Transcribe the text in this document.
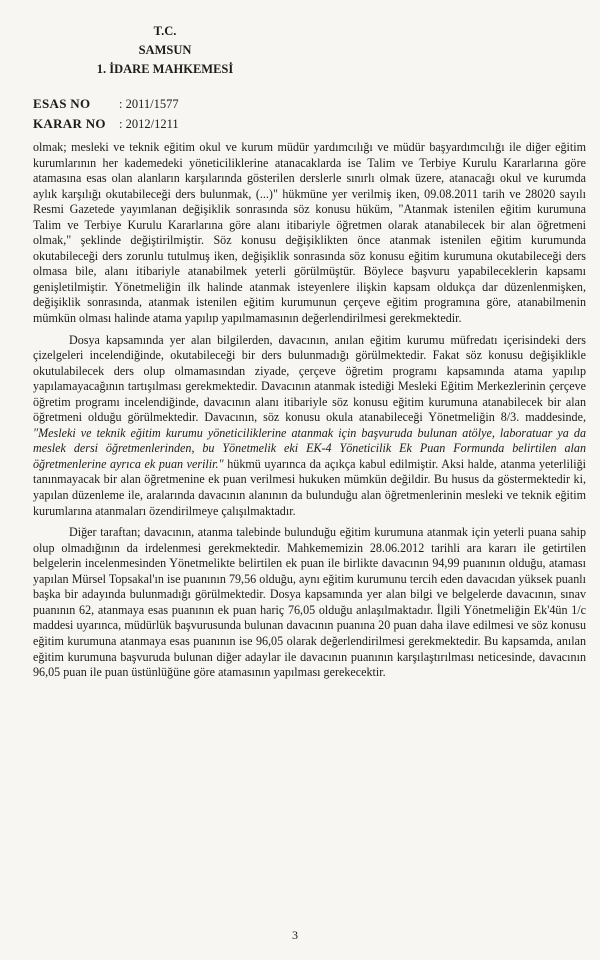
T.C.
SAMSUN
1. İDARE MAHKEMESİ
ESAS NO : 2011/1577
KARAR NO : 2012/1211

olmak; mesleki ve teknik eğitim okul ve kurum müdür yardımcılığı ve müdür başyardımcılığı ile diğer eğitim kurumlarının her kademedeki yöneticiliklerine atanacaklarda ise Talim ve Terbiye Kurulu Kararlarına göre atamasına esas olan alanların karşılarında gösterilen derslerle sınırlı olmak üzere, atanacağı okul ve kurumda aylık karşılığı okutabileceği ders bulunmak, (...)" hükmüne yer verilmiş iken, 09.08.2011 tarih ve 28020 sayılı Resmi Gazetede yayımlanan değişiklik sonrasında söz konusu hüküm, "Atanmak istenilen eğitim kurumuna Talim ve Terbiye Kurulu Kararlarına göre alanı itibariyle öğretmen olarak atanabilecek bir alan öğretmeni olmak," şeklinde değiştirilmiştir. Söz konusu değişiklikten önce atanmak istenilen eğitim kurumunda okutabileceği ders zorunlu tutulmuş iken, değişiklik sonrasında söz konusu eğitim kurumuna okutabileceği ders olmasa bile, alanı itibariyle atanabilmek yeterli görülmüştür. Böylece başvuru yapabileceklerin kapsamı genişletilmiştir. Yönetmeliğin ilk halinde atanmak isteyenlere ilişkin kapsam oldukça dar düzenlenmişken, değişiklik sonrasında, atanmak istenilen eğitim kurumunun çerçeve eğitim programına göre, atanabilmenin mümkün olması halinde atama yapılıp yapılmamasının değerlendirilmesi gerekmektedir.

Dosya kapsamında yer alan bilgilerden, davacının, anılan eğitim kurumu müfredatı içerisindeki ders çizelgeleri incelendiğinde, okutabileceği bir ders bulunmadığı görülmektedir. Fakat söz konusu değişiklikle okutulabilecek ders olup olmamasından ziyade, çerçeve öğretim programı kapsamında atama yapılıp yapılamayacağının tartışılması gerekmektedir. Davacının atanmak istediği Mesleki Eğitim Merkezlerinin çerçeve öğretim programı incelendiğinde, davacının alanı itibariyle söz konusu eğitim kurumuna atanabilecek bir alan öğretmeni olduğu görülmektedir. Davacının, söz konusu okula atanabileceği Yönetmeliğin 8/3. maddesinde, "Mesleki ve teknik eğitim kurumu yöneticiliklerine atanmak için başvuruda bulunan atölye, laboratuar ya da meslek dersi öğretmenlerinden, bu Yönetmelik eki EK-4 Yöneticilik Ek Puan Formunda belirtilen alan öğretmenlerine ayrıca ek puan verilir." hükmü uyarınca da açıkça kabul edilmiştir. Aksi halde, atanma yeterliliği tanınmayacak bir alan öğretmenine ek puan verilmesi hukuken mümkün değildir. Bu husus da göstermektedir ki, yapılan düzenleme ile, aralarında davacının alanının da bulunduğu alan öğretmenlerinin mesleki ve teknik eğitim kurumlarına atanmaları özendirilmeye çalışılmaktadır.

Diğer taraftan; davacının, atanma talebinde bulunduğu eğitim kurumuna atanmak için yeterli puana sahip olup olmadığının da irdelenmesi gerekmektedir. Mahkememizin 28.06.2012 tarihli ara kararı ile getirtilen belgelerin incelenmesinden Yönetmelikte belirtilen ek puan ile birlikte davacının 94,99 puanının olduğu, ataması yapılan Mürsel Topsakal'ın ise puanının 79,56 olduğu, aynı eğitim kurumunu tercih eden davacıdan yüksek puanlı başka bir adayında bulunmadığı görülmektedir. Dosya kapsamında yer alan bilgi ve belgelerde davacının, sınav puanının 62, atanmaya esas puanının ek puan hariç 76,05 olduğu anlaşılmaktadır. İlgili Yönetmeliğin Ek'4ün 1/c maddesi uyarınca, müdürlük başvurusunda bulunan davacının puanına 20 puan daha ilave edilmesi ve söz konusu eğitim kurumuna atanmaya esas puanının ise 96,05 olarak değerlendirilmesi gerekmektedir. Bu kapsamda, anılan eğitim kurumuna başvuruda bulunan diğer adaylar ile davacının puanının karşılaştırılması neticesinde, davacının 96,05 puan ile puan üstünlüğüne göre atamasının yapılması gerekecektir.

3
